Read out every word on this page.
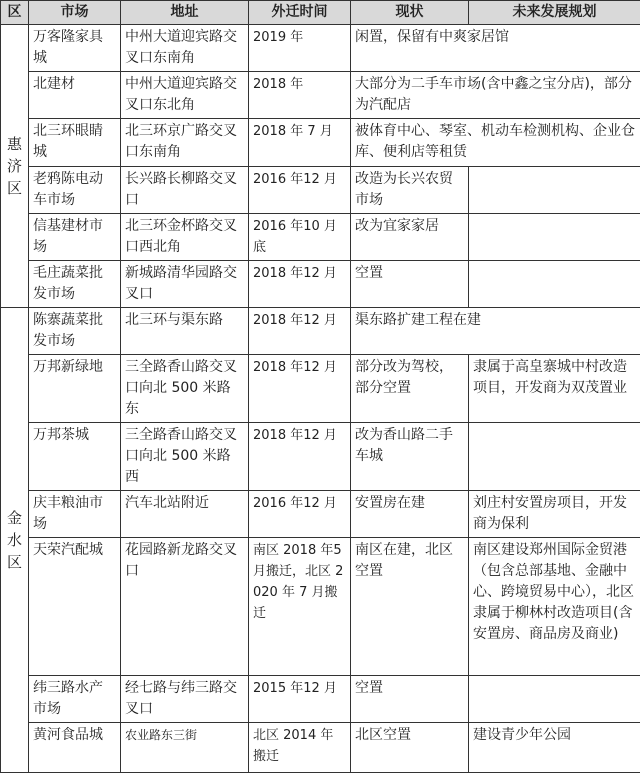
区	市场	地址	外迁时间	现状	未来发展规划

惠济区	万客隆家具城	中州大道迎宾路交叉口东南角	2019 年	闲置，保留有中爽家居馆	
	北建材	中州大道迎宾路交叉口东北角	2018 年	大部分为二手车市场(含中鑫之宝分店)，部分为汽配店	
	北三环眼睛城	北三环京广路交叉口东南角	2018 年 7 月	被体育中心、琴室、机动车检测机构、企业仓库、便利店等租赁	
	老鸦陈电动车市场	长兴路长柳路交叉口	2016 年12 月	改造为长兴农贸市场	
	信基建材市场	北三环金杯路交叉口西北角	2016 年10 月底	改为宜家家居	
	毛庄蔬菜批发市场	新城路清华园路交叉口	2018 年12 月	空置	

金水区	陈寨蔬菜批发市场	北三环与渠东路	2018 年12 月	渠东路扩建工程在建	
	万邦新绿地	三全路香山路交叉口向北 500 米路东	2018 年12 月	部分改为驾校，部分空置	隶属于高皇寨城中村改造项目，开发商为双茂置业
	万邦茶城	三全路香山路交叉口向北 500 米路西	2018 年12 月	改为香山路二手车城	
	庆丰粮油市场	汽车北站附近	2016 年12 月	安置房在建	刘庄村安置房项目，开发商为保利
	天荣汽配城	花园路新龙路交叉口	南区 2018 年5 月搬迁，北区 2020 年 7 月搬迁	南区在建，北区空置	南区建设郑州国际金贸港（包含总部基地、金融中心、跨境贸易中心），北区隶属于柳林村改造项目(含安置房、商品房及商业)
	纬三路水产市场	经七路与纬三路交叉口	2015 年12 月	空置	
	黄河食品城	农业路东三街	北区 2014 年搬迁	北区空置	建设青少年公园
